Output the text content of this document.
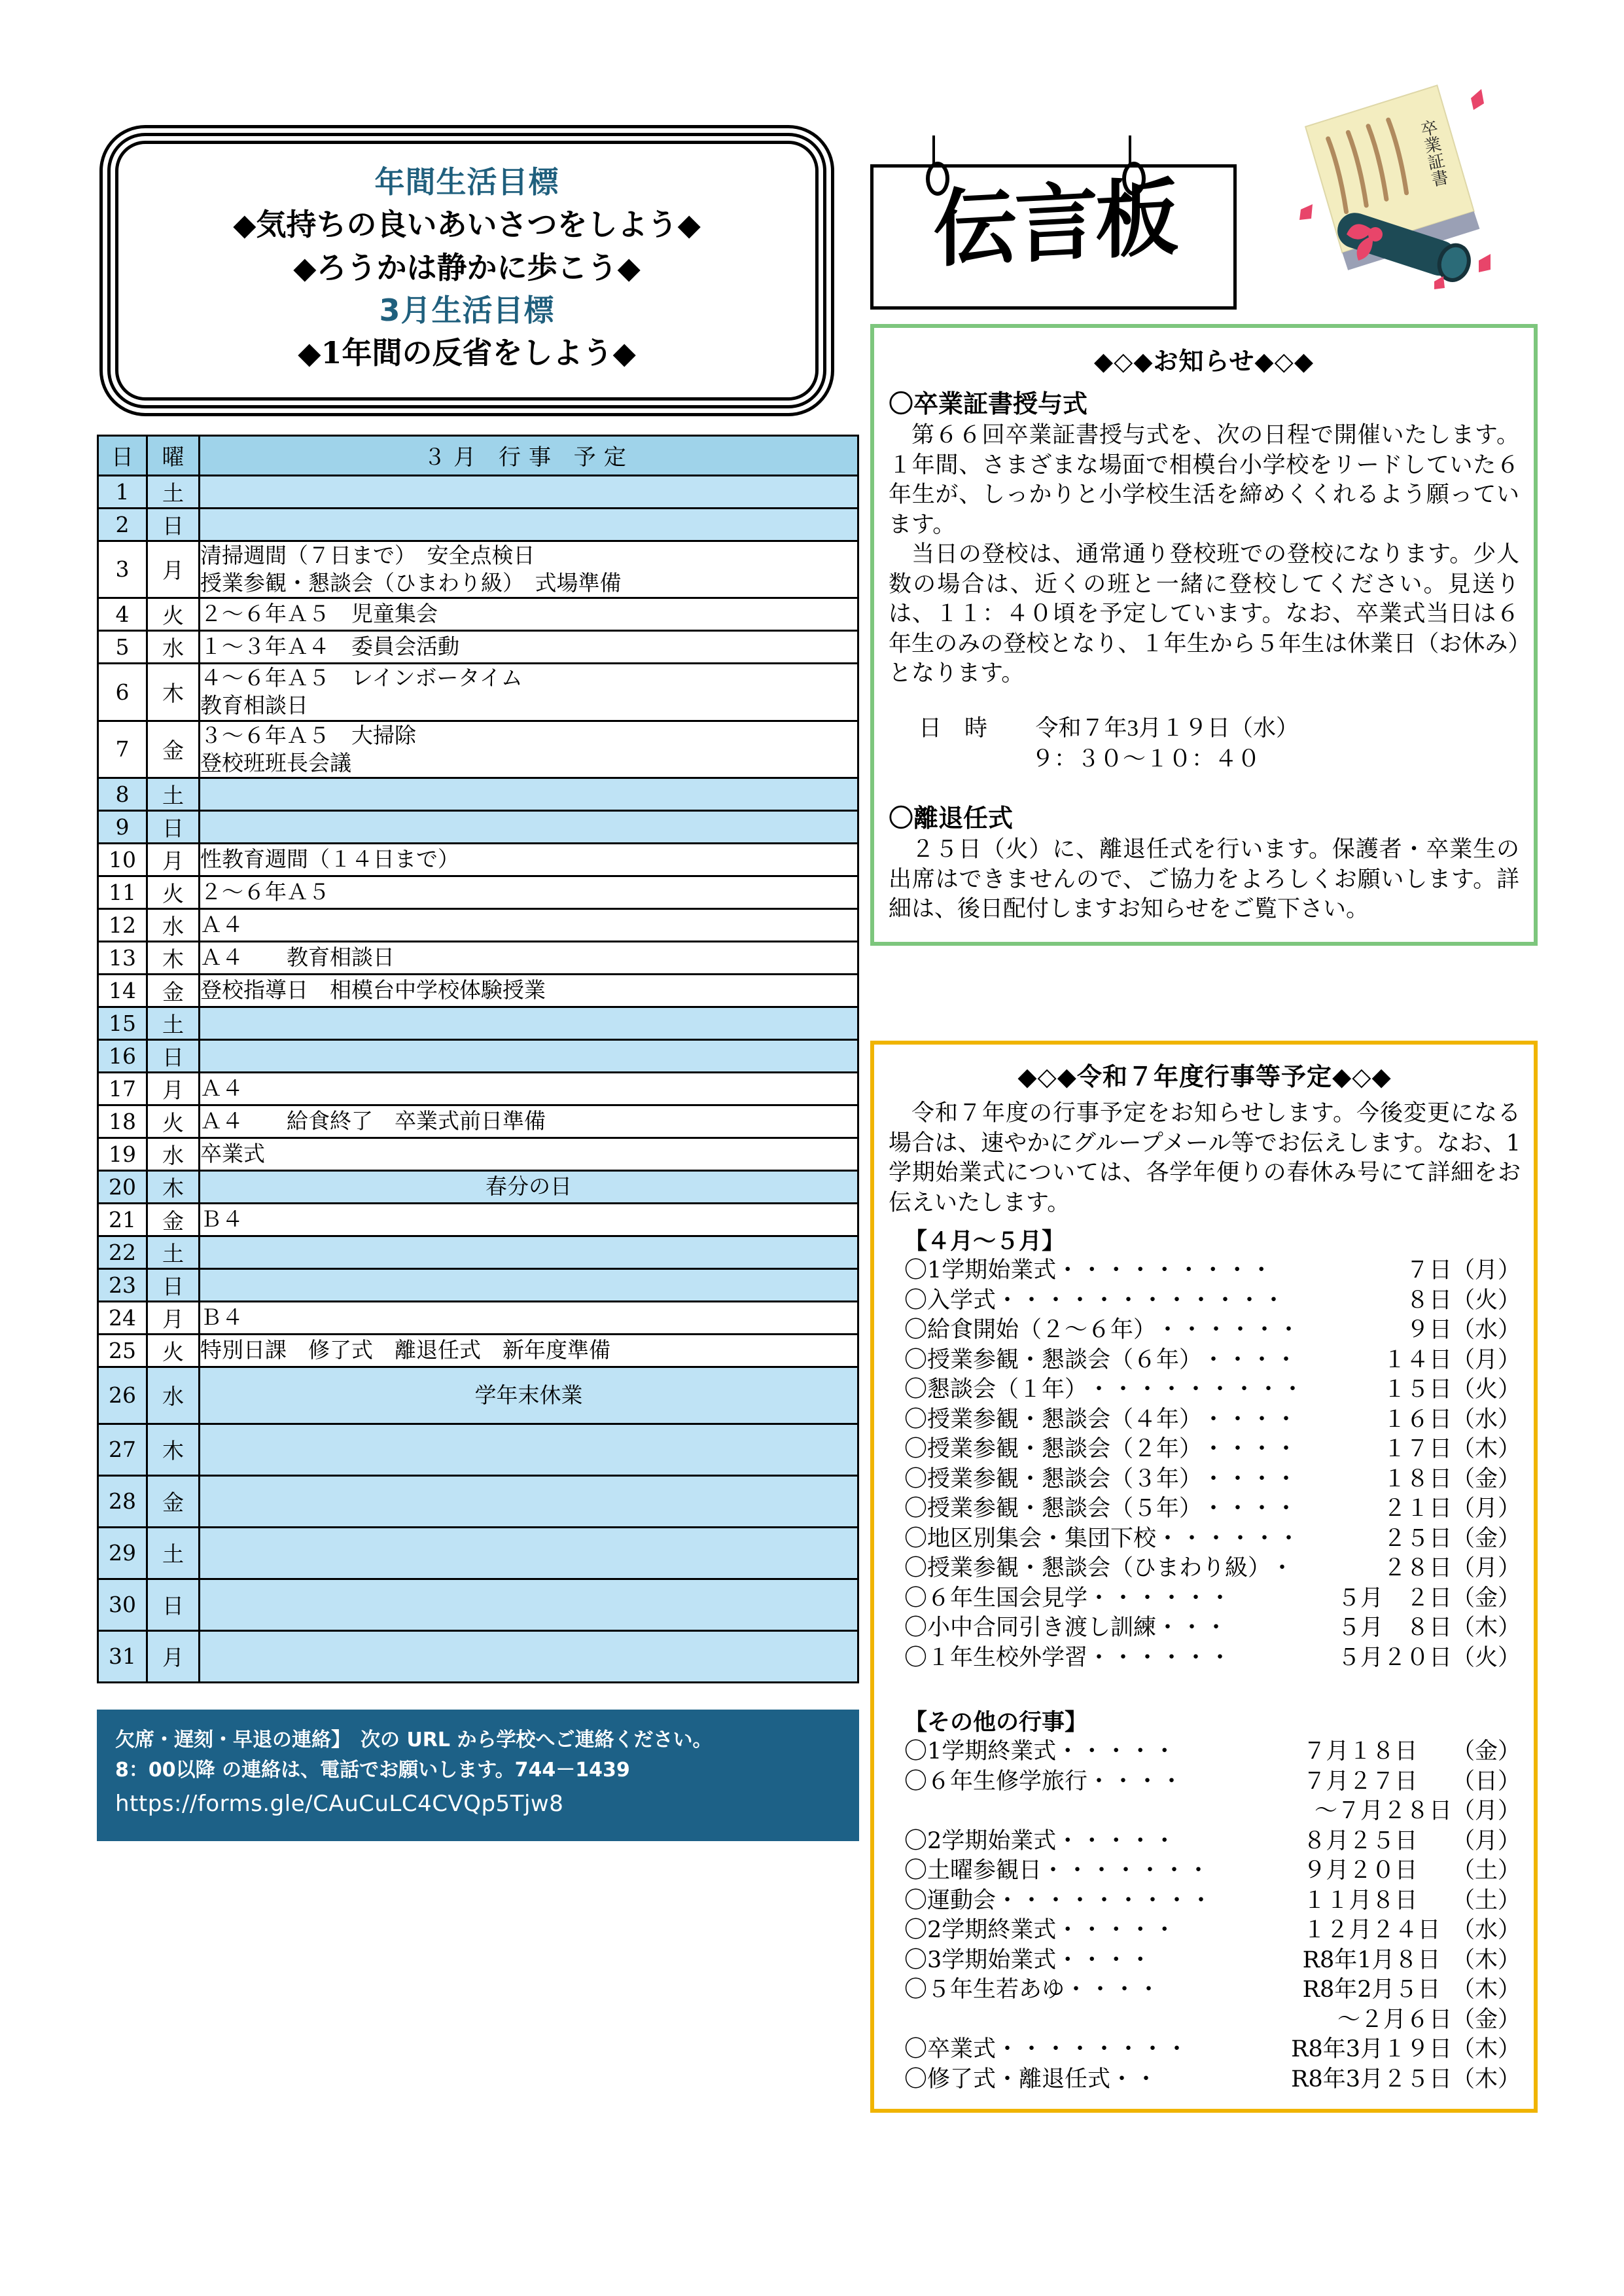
年間生活目標
◆気持ちの良いあいさつをしよう◆
◆ろうかは静かに歩こう◆
3月生活目標
◆1年間の反省をしよう◆
日	曜	３月 行事 予定
1	土	
2	日	
3	月	清掃週間（７日まで）　安全点検日
授業参観・懇談会（ひまわり級）　式場準備

4	火	２～６年Ａ５　児童集会

5	水	１～３年Ａ４　委員会活動

6	木	４～６年Ａ５　レインボータイム
教育相談日

7	金	３～６年Ａ５　大掃除
登校班班長会議

8	土	
9	日	
10	月	性教育週間（１４日まで）

11	火	２～６年Ａ５

12	水	Ａ４

13	木	Ａ４　　教育相談日

14	金	登校指導日　相模台中学校体験授業

15	土	
16	日	
17	月	Ａ４

18	火	Ａ４　　給食終了　卒業式前日準備

19	水	卒業式

20	木	春分の日

21	金	Ｂ４

22	土	
23	日	
24	月	Ｂ４

25	火	特別日課　修了式　離退任式　新年度準備

26	水	学年末休業

27	木	
28	金	
29	土	
30	日	
31	月	
欠席・遅刻・早退の連絡】　次の URL から学校へご連絡ください。
8：00以降 の連絡は、電話でお願いします。744－1439
https://forms.gle/CAuCuLC4CVQp5Tjw8
伝言板
卒業証書
◆◇◆お知らせ◆◇◆
〇卒業証書授与式

第６６回卒業証書授与式を、次の日程で開催いたします。１年間、さまざまな場面で相模台小学校をリードしていた６年生が、しっかりと小学校生活を締めくくれるよう願っています。

当日の登校は、通常通り登校班での登校になります。少人数の場合は、近くの班と一緒に登校してください。見送りは、１１：４０頃を予定しています。なお、卒業式当日は６年生のみの登校となり、１年生から５年生は休業日（お休み）となります。

日　時 令和７年3月１９日（水）
９：３０～１０：４０
〇離退任式

２５日（火）に、離退任式を行います。保護者・卒業生の出席はできませんので、ご協力をよろしくお願いします。詳細は、後日配付しますお知らせをご覧下さい。

◆◇◆令和７年度行事等予定◆◇◆

令和７年度の行事予定をお知らせします。今後変更になる場合は、速やかにグループメール等でお伝えします。なお、1学期始業式については、各学年便りの春休み号にて詳細をお伝えいたします。

【４月～５月】
〇1学期始業式 ・・・・・・・・・	７日（月）
〇入学式 ・・・・・・・・・・・・	８日（火）
〇給食開始（２～６年） ・・・・・・	９日（水）
〇授業参観・懇談会（６年） ・・・・	１４日（月）
〇懇談会（１年） ・・・・・・・・・	１５日（火）
〇授業参観・懇談会（４年） ・・・・	１６日（水）
〇授業参観・懇談会（２年） ・・・・	１７日（木）
〇授業参観・懇談会（３年） ・・・・	１８日（金）
〇授業参観・懇談会（５年） ・・・・	２１日（月）
〇地区別集会・集団下校 ・・・・・・	２５日（金）
〇授業参観・懇談会（ひまわり級） ・	２８日（月）
〇６年生国会見学 ・・・・・・	５月　２日（金）
〇小中合同引き渡し訓練 ・・・	５月　８日（木）
〇１年生校外学習 ・・・・・・	５月２０日（火）
【その他の行事】
〇1学期終業式 ・・・・・	７月１８日　　（金）
〇６年生修学旅行 ・・・・	７月２７日　　（日）
～７月２８日（月）
〇2学期始業式 ・・・・・	８月２５日　　（月）
〇土曜参観日 ・・・・・・・	９月２０日　　（土）
〇運動会 ・・・・・・・・・	１１月８日　　（土）
〇2学期終業式 ・・・・・	１２月２４日　（水）
〇3学期始業式 ・・・・	R8年1月８日　（木）
〇５年生若あゆ ・・・・	R8年2月５日　（木）
～２月６日（金）
〇卒業式 ・・・・・・・・	R8年3月１９日（木）
〇修了式・離退任式 ・・	R8年3月２５日（木）
